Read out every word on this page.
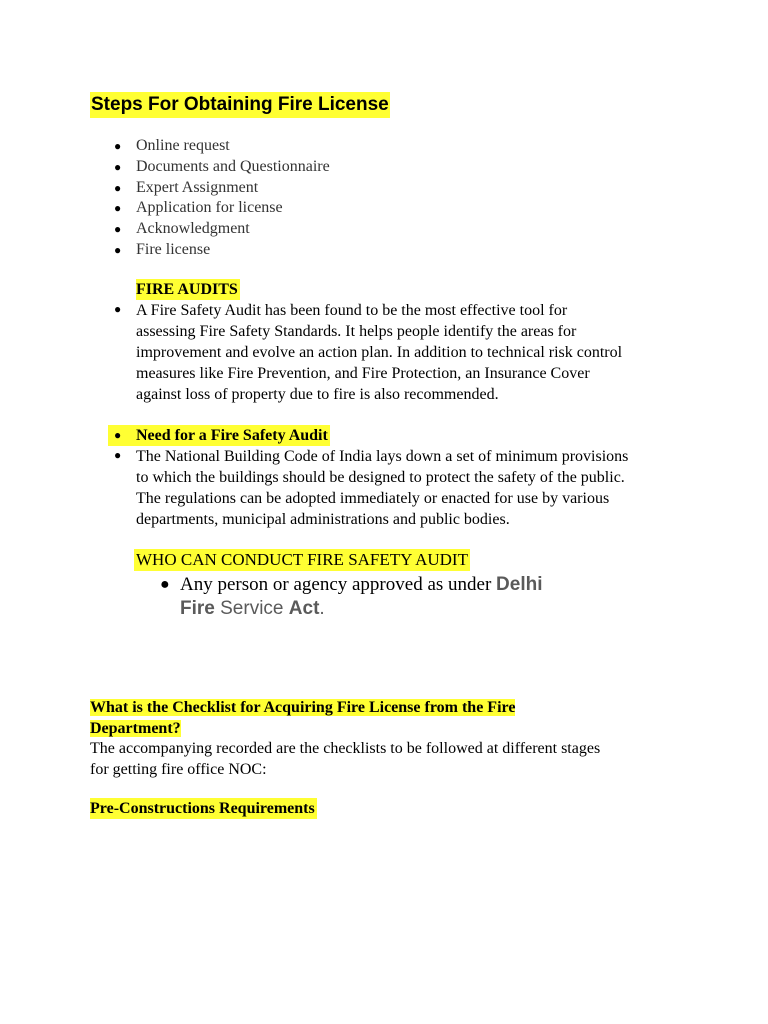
Steps For Obtaining Fire License
● Online request
● Documents and Questionnaire
● Expert Assignment
● Application for license
● Acknowledgment
● Fire license
FIRE AUDITS
● A Fire Safety Audit has been found to be the most effective tool for
assessing Fire Safety Standards. It helps people identify the areas for
improvement and evolve an action plan. In addition to technical risk control
measures like Fire Prevention, and Fire Protection, an Insurance Cover
against loss of property due to fire is also recommended.
● Need for a Fire Safety Audit
● The National Building Code of India lays down a set of minimum provisions
to which the buildings should be designed to protect the safety of the public.
The regulations can be adopted immediately or enacted for use by various
departments, municipal administrations and public bodies.
WHO CAN CONDUCT FIRE SAFETY AUDIT
● Any person or agency approved as under Delhi
Fire Service Act.
What is the Checklist for Acquiring Fire License from the Fire
Department?
The accompanying recorded are the checklists to be followed at different stages
for getting fire office NOC:
Pre-Constructions Requirements
